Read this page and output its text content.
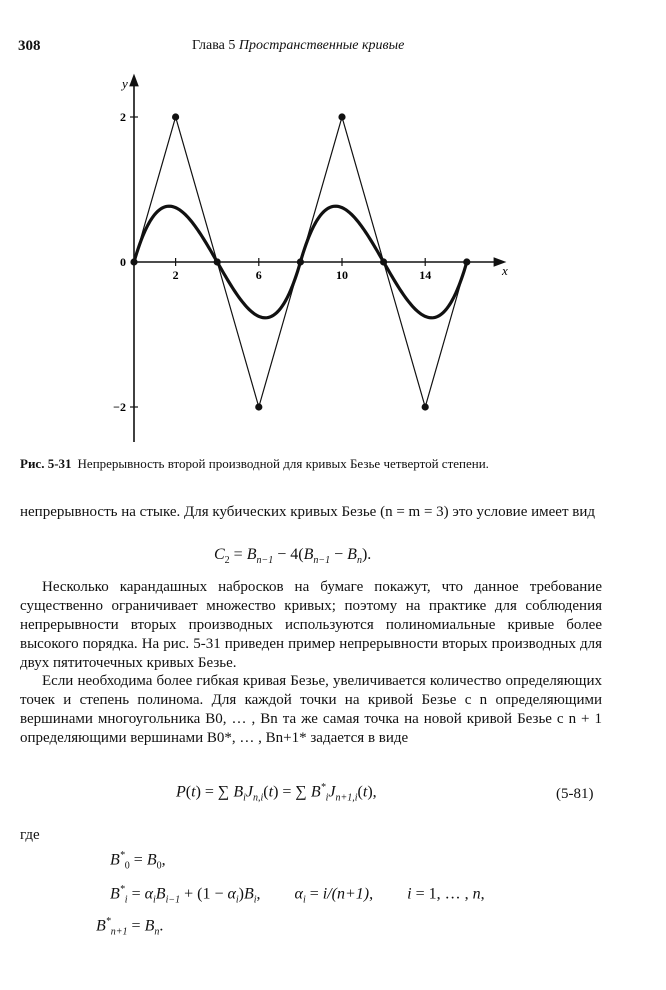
308	Глава 5 Пространственные кривые
y
x
2	6	10	14
2
0
−2
Рис. 5-31 Непрерывность второй производной для кривых Безье четвертой степени.
непрерывность на стыке. Для кубических кривых Безье (n = m = 3) это условие имеет вид
$C_2 = B_{n-1} - 4(B_{n-1} - B_n)$.
Несколько карандашных набросков на бумаге покажут, что данное требование существенно ограничивает множество кривых; поэтому на практике для соблюдения непрерывности вторых производных используются полиномиальные кривые более высокого порядка. На рис. 5-31 приведен пример непрерывности вторых производных для двух пятиточечных кривых Безье.
Если необходима более гибкая кривая Безье, увеличивается количество определяющих точек и степень полинома. Для каждой точки на кривой Безье с n определяющими вершинами многоугольника B0, … , Bn та же самая точка на новой кривой Безье с n + 1 определяющими вершинами B0*, … , Bn+1* задается в виде
P(t) = ∑ $B_iJ_{n,i}(t)$ = ∑ $B^*_iJ_{n+1,i}(t)$,	(5-81)
где
$B^*_0 = B_0$,
$B^*_i = \alpha_iB_{i-1} + (1 - \alpha_i)B_i$, $\alpha_i = i/(n+1)$, i = 1, … , n,
$B^*_{n+1} = B_n$.
